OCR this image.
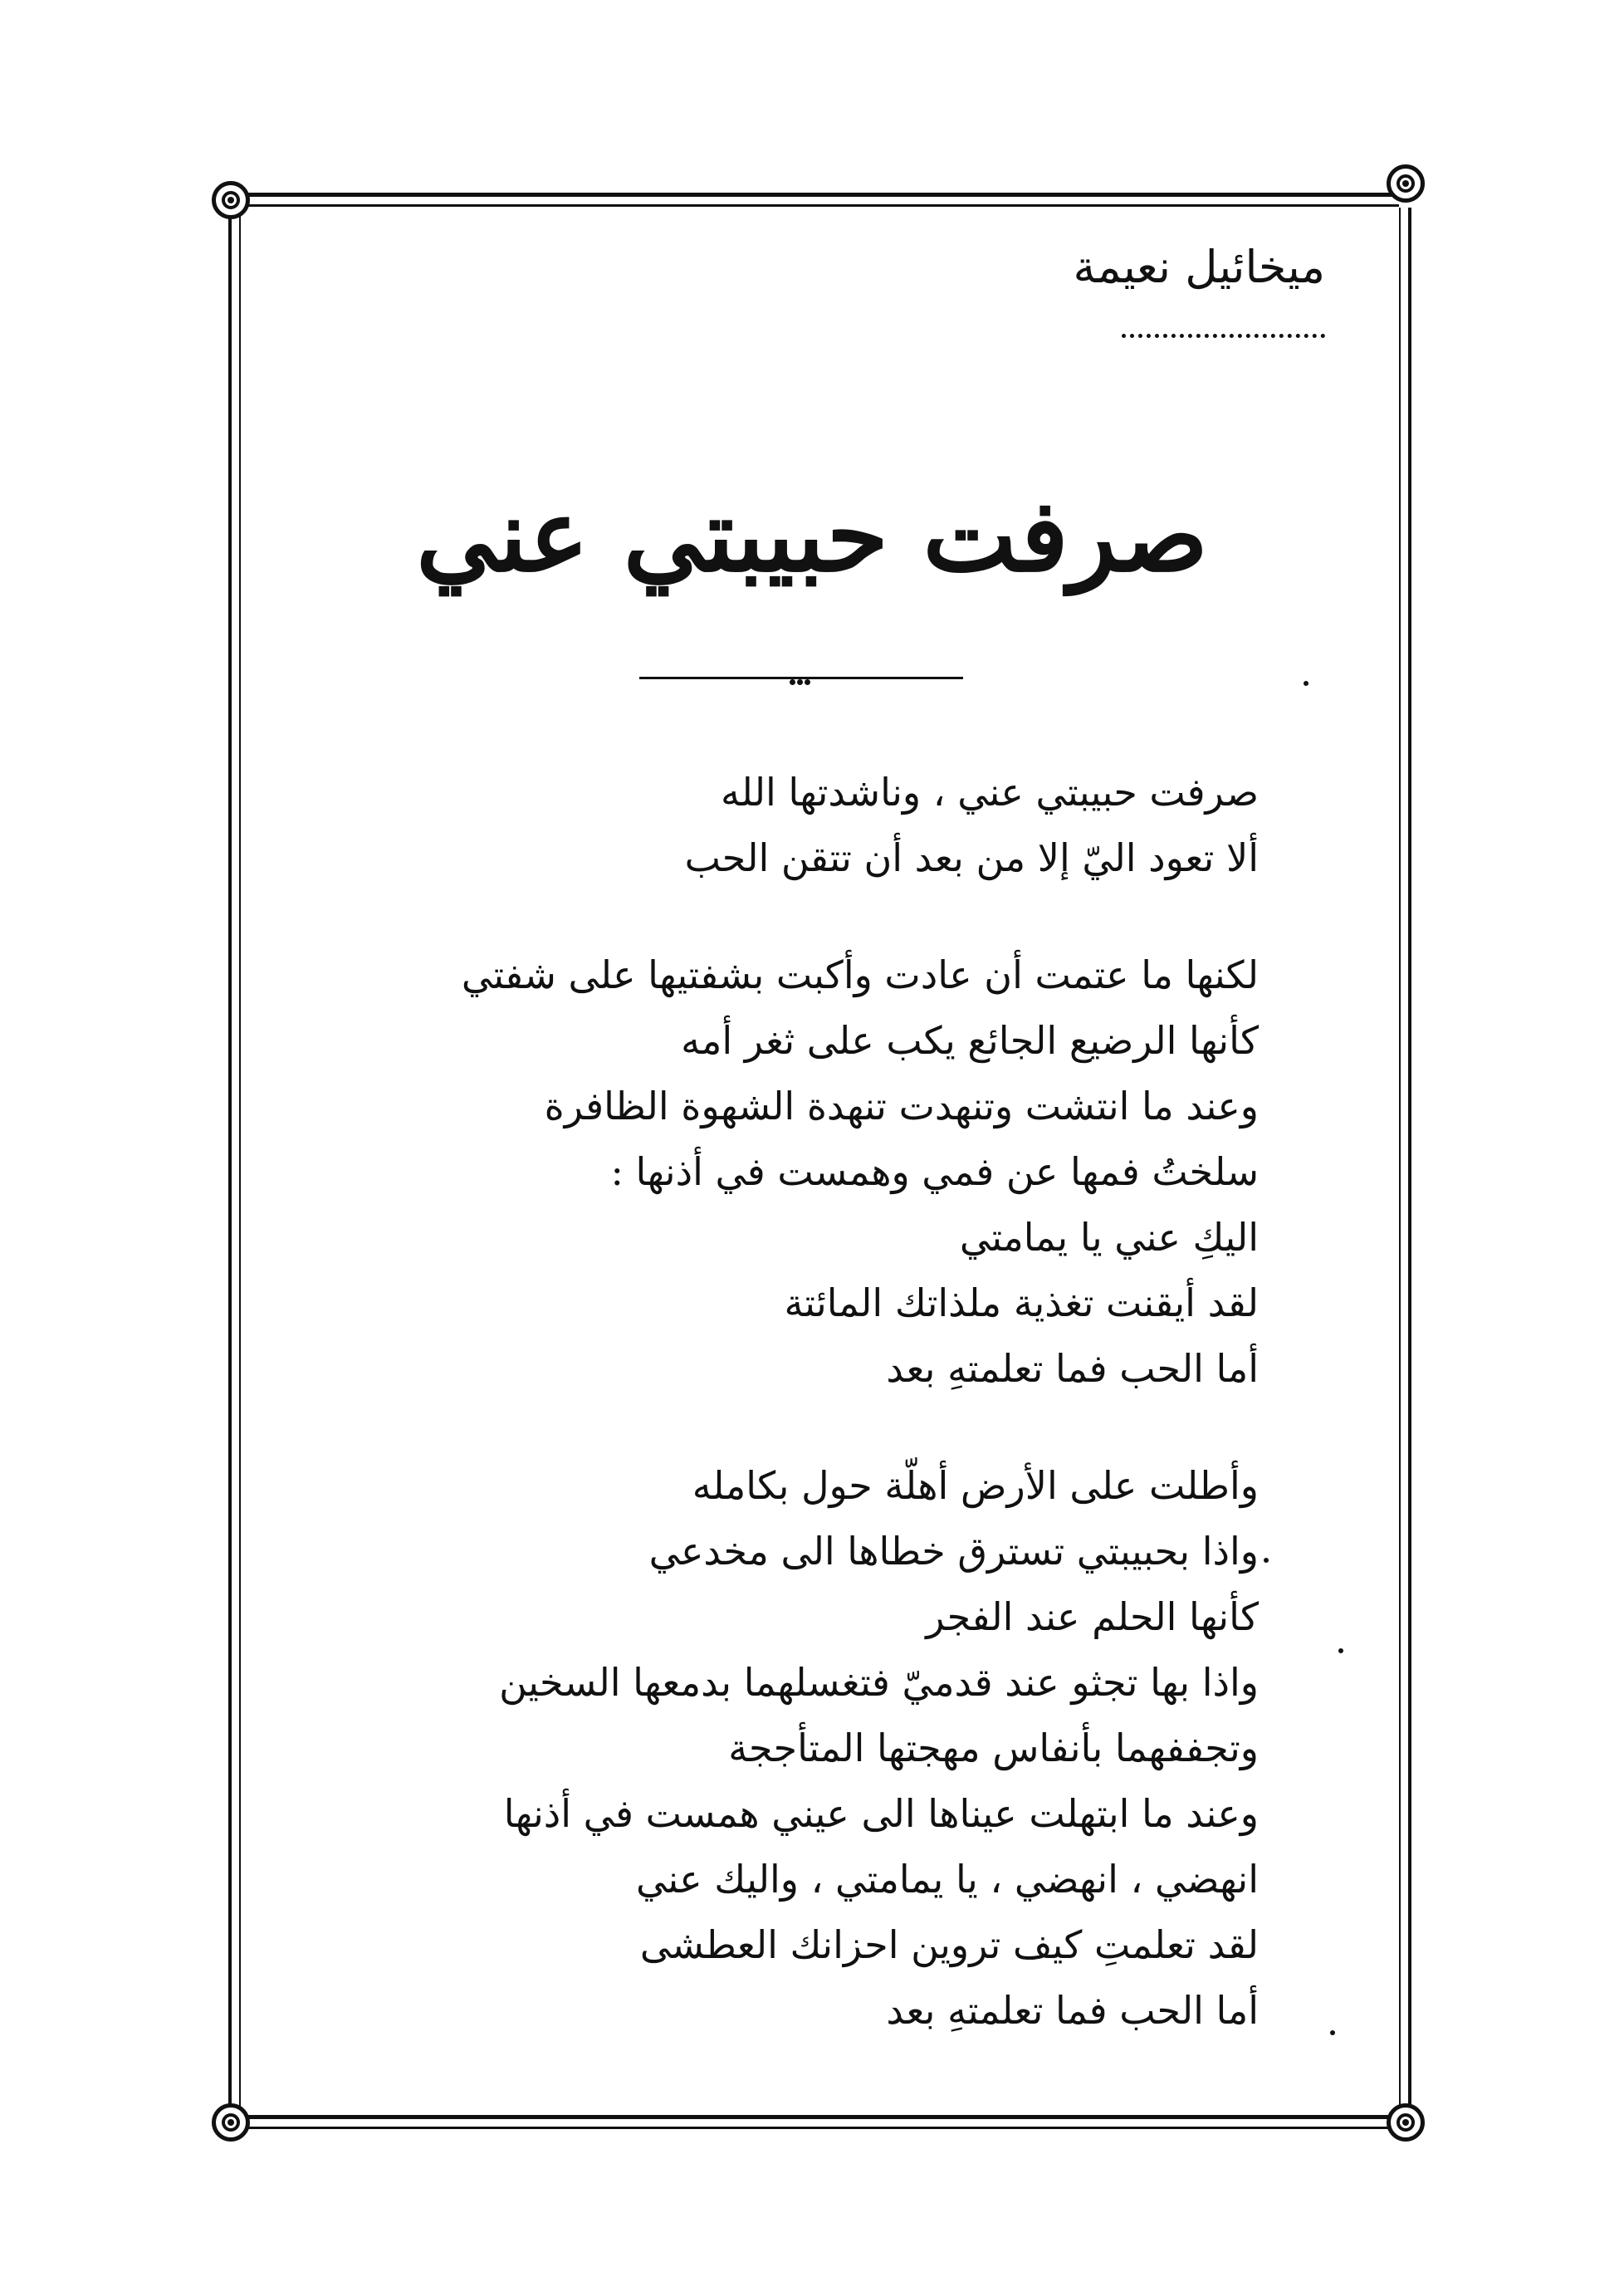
ميخائيل نعيمة
صرفت حبيبتي عني
صرفت حبيبتي عني ، وناشدتها الله
ألا تعود اليّ إلا من بعد أن تتقن الحب
لكنها ما عتمت أن عادت وأكبت بشفتيها على شفتي
كأنها الرضيع الجائع يكب على ثغر أمه
وعند ما انتشت وتنهدت تنهدة الشهوة الظافرة
سلختُ فمها عن فمي وهمست في أذنها :
اليكِ عني يا يمامتي
لقد أيقنت تغذية ملذاتك المائتة
أما الحب فما تعلمتهِ بعد
وأطلت على الأرض أهلّة حول بكامله
واذا بحبيبتي تسترق خطاها الى مخدعي
كأنها الحلم عند الفجر
واذا بها تجثو عند قدميّ فتغسلهما بدمعها السخين
وتجففهما بأنفاس مهجتها المتأججة
وعند ما ابتهلت عيناها الى عيني همست في أذنها
انهضي ، انهضي ، يا يمامتي ، واليك عني
لقد تعلمتِ كيف تروين احزانك العطشى
أما الحب فما تعلمتهِ بعد
